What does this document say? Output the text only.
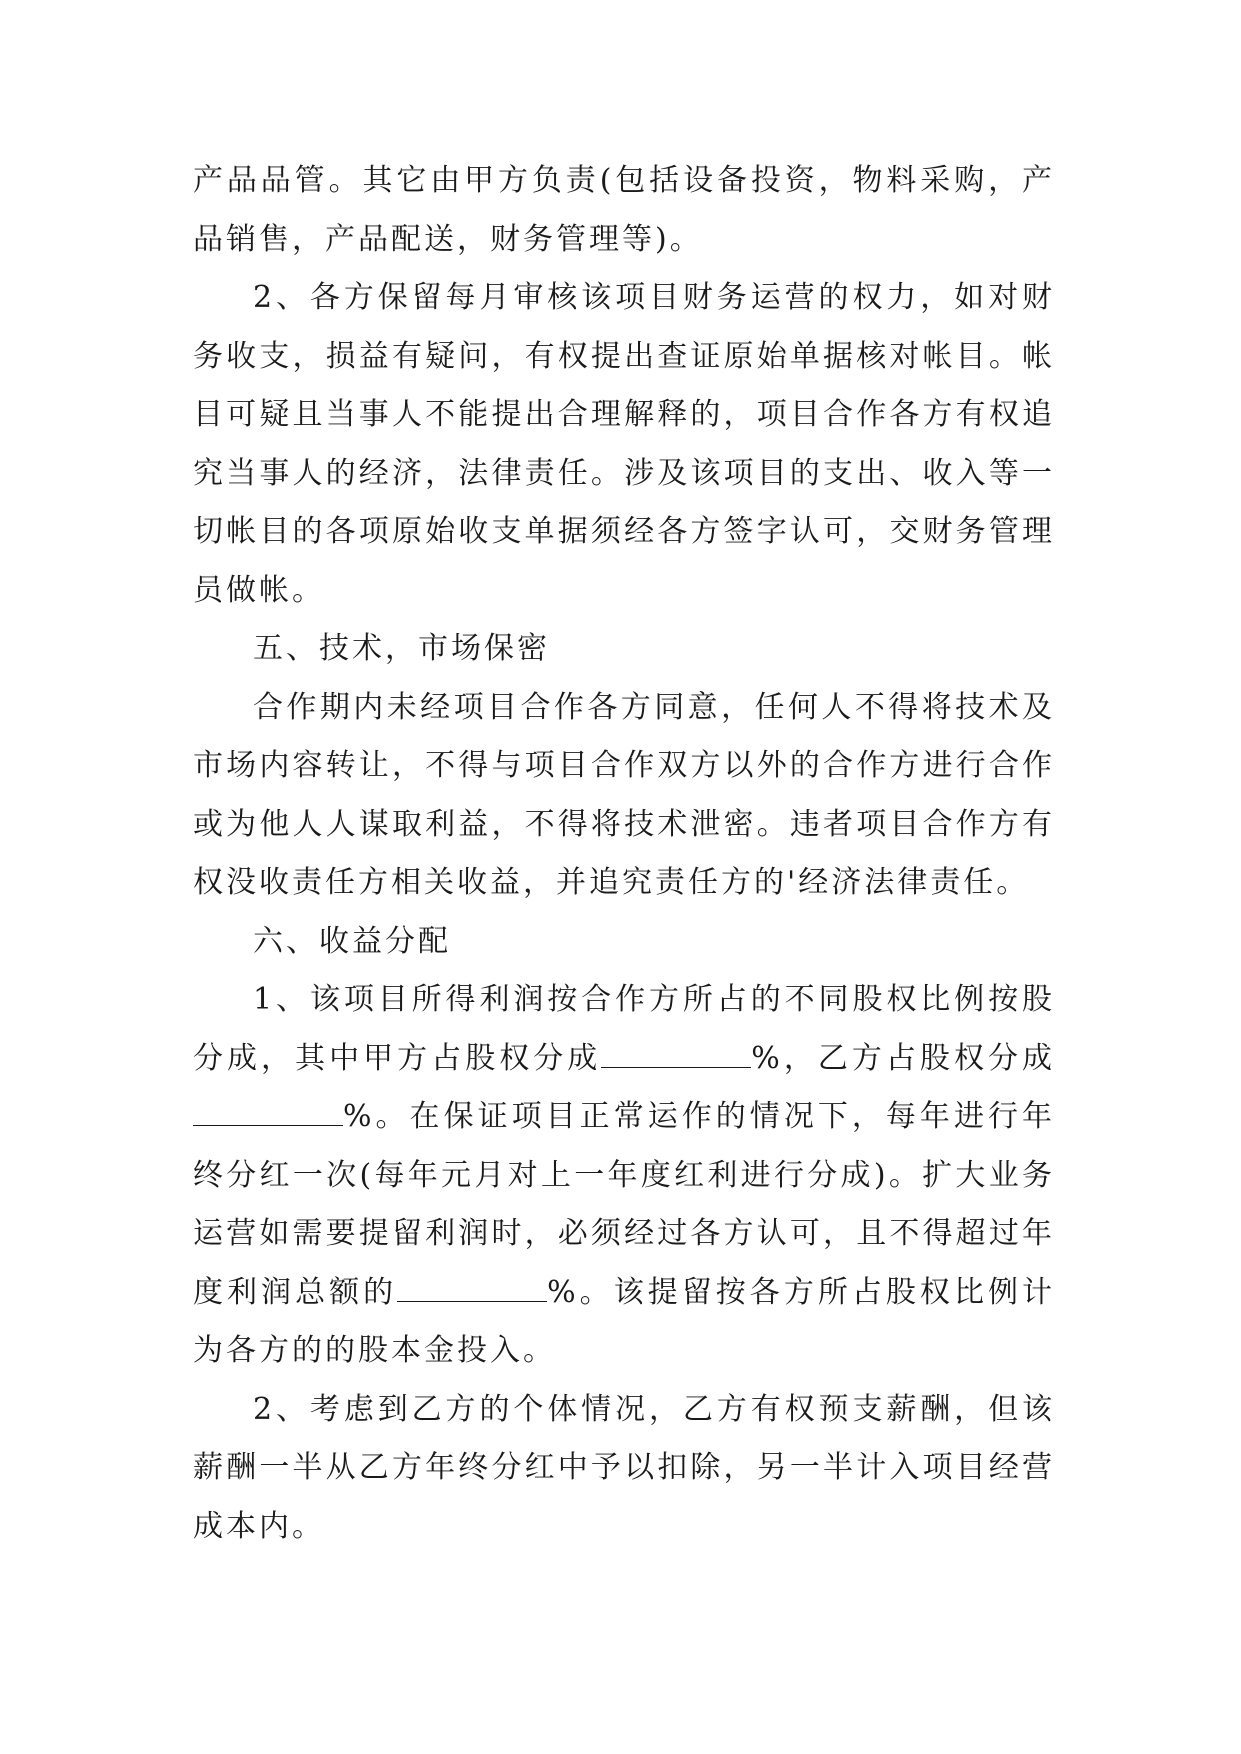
产品品管。其它由甲方负责(包括设备投资，物料采购，产品销售，产品配送，财务管理等)。

2、各方保留每月审核该项目财务运营的权力，如对财务收支，损益有疑问，有权提出查证原始单据核对帐目。帐目可疑且当事人不能提出合理解释的，项目合作各方有权追究当事人的经济，法律责任。涉及该项目的支出、收入等一切帐目的各项原始收支单据须经各方签字认可，交财务管理员做帐。

五、技术，市场保密

合作期内未经项目合作各方同意，任何人不得将技术及市场内容转让，不得与项目合作双方以外的合作方进行合作或为他人人谋取利益，不得将技术泄密。违者项目合作方有权没收责任方相关收益，并追究责任方的'经济法律责任。

六、收益分配

1、该项目所得利润按合作方所占的不同股权比例按股分成，其中甲方占股权分成	%，乙方占股权分成%。在保证项目正常运作的情况下，每年进行年终分红一次(每年元月对上一年度红利进行分成)。扩大业务运营如需要提留利润时，必须经过各方认可，且不得超过年度利润总额的	%。该提留按各方所占股权比例计为各方的的股本金投入。

2、考虑到乙方的个体情况，乙方有权预支薪酬，但该薪酬一半从乙方年终分红中予以扣除，另一半计入项目经营成本内。
